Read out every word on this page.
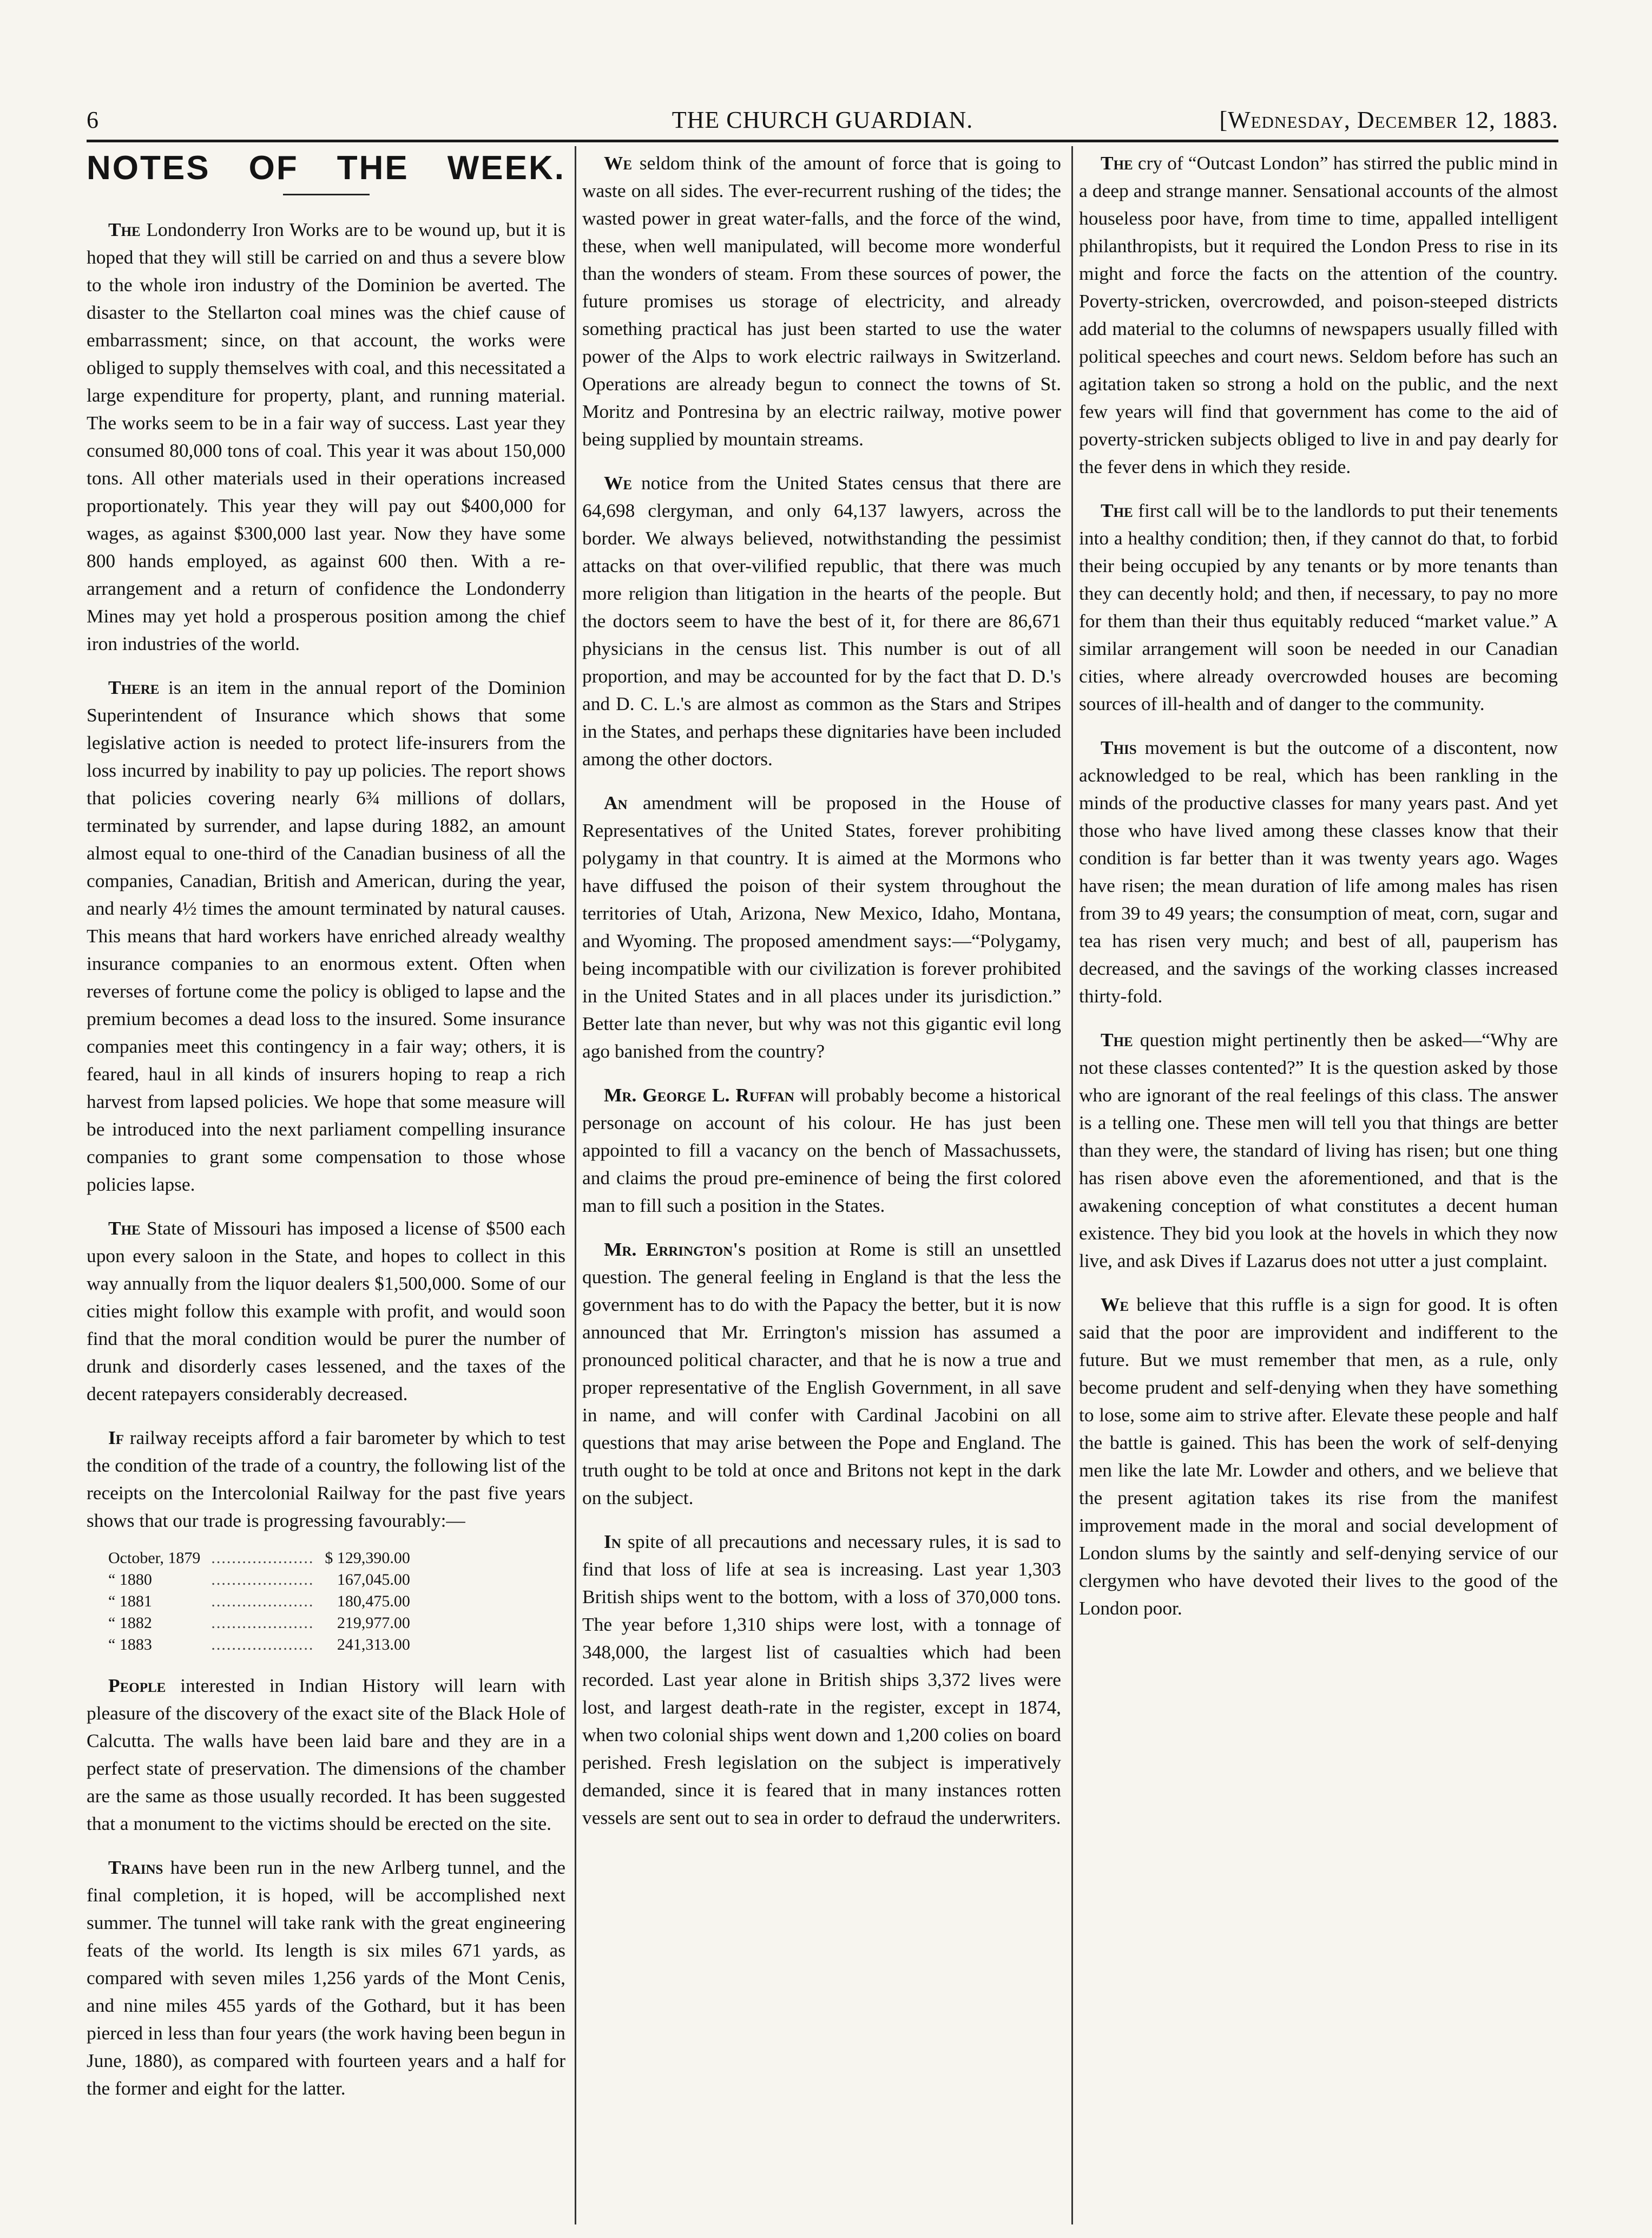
6	THE CHURCH GUARDIAN.	[Wednesday, December 12, 1883.
NOTES OF THE WEEK.

The Londonderry Iron Works are to be wound up, but it is hoped that they will still be carried on and thus a severe blow to the whole iron industry of the Dominion be averted. The disaster to the Stellarton coal mines was the chief cause of embarrassment; since, on that account, the works were obliged to supply themselves with coal, and this necessitated a large expenditure for property, plant, and running material. The works seem to be in a fair way of success. Last year they consumed 80,000 tons of coal. This year it was about 150,000 tons. All other materials used in their operations increased proportionately. This year they will pay out $400,000 for wages, as against $300,000 last year. Now they have some 800 hands employed, as against 600 then. With a re-arrangement and a return of confidence the Londonderry Mines may yet hold a prosperous position among the chief iron industries of the world.

There is an item in the annual report of the Dominion Superintendent of Insurance which shows that some legislative action is needed to protect life-insurers from the loss incurred by inability to pay up policies. The report shows that policies covering nearly 6¾ millions of dollars, terminated by surrender, and lapse during 1882, an amount almost equal to one-third of the Canadian business of all the companies, Canadian, British and American, during the year, and nearly 4½ times the amount terminated by natural causes. This means that hard workers have enriched already wealthy insurance companies to an enormous extent. Often when reverses of fortune come the policy is obliged to lapse and the premium becomes a dead loss to the insured. Some insurance companies meet this contingency in a fair way; others, it is feared, haul in all kinds of insurers hoping to reap a rich harvest from lapsed policies. We hope that some measure will be introduced into the next parliament compelling insurance companies to grant some compensation to those whose policies lapse.

The State of Missouri has imposed a license of $500 each upon every saloon in the State, and hopes to collect in this way annually from the liquor dealers $1,500,000. Some of our cities might follow this example with profit, and would soon find that the moral condition would be purer the number of drunk and disorderly cases lessened, and the taxes of the decent ratepayers considerably decreased.

If railway receipts afford a fair barometer by which to test the condition of the trade of a country, the following list of the receipts on the Intercolonial Railway for the past five years shows that our trade is progressing favourably:—

October, 1879	....................	$ 129,390.00
“ 1880	....................	167,045.00
“ 1881	....................	180,475.00
“ 1882	....................	219,977.00
“ 1883	....................	241,313.00

People interested in Indian History will learn with pleasure of the discovery of the exact site of the Black Hole of Calcutta. The walls have been laid bare and they are in a perfect state of preservation. The dimensions of the chamber are the same as those usually recorded. It has been suggested that a monument to the victims should be erected on the site.

Trains have been run in the new Arlberg tunnel, and the final completion, it is hoped, will be accomplished next summer. The tunnel will take rank with the great engineering feats of the world. Its length is six miles 671 yards, as compared with seven miles 1,256 yards of the Mont Cenis, and nine miles 455 yards of the Gothard, but it has been pierced in less than four years (the work having been begun in June, 1880), as compared with fourteen years and a half for the former and eight for the latter.

We seldom think of the amount of force that is going to waste on all sides. The ever-recurrent rushing of the tides; the wasted power in great water-falls, and the force of the wind, these, when well manipulated, will become more wonderful than the wonders of steam. From these sources of power, the future promises us storage of electricity, and already something practical has just been started to use the water power of the Alps to work electric railways in Switzerland. Operations are already begun to connect the towns of St. Moritz and Pontresina by an electric railway, motive power being supplied by mountain streams.

We notice from the United States census that there are 64,698 clergyman, and only 64,137 lawyers, across the border. We always believed, notwithstanding the pessimist attacks on that over-vilified republic, that there was much more religion than litigation in the hearts of the people. But the doctors seem to have the best of it, for there are 86,671 physicians in the census list. This number is out of all proportion, and may be accounted for by the fact that D. D.'s and D. C. L.'s are almost as common as the Stars and Stripes in the States, and perhaps these dignitaries have been included among the other doctors.

An amendment will be proposed in the House of Representatives of the United States, forever prohibiting polygamy in that country. It is aimed at the Mormons who have diffused the poison of their system throughout the territories of Utah, Arizona, New Mexico, Idaho, Montana, and Wyoming. The proposed amendment says:—“Polygamy, being incompatible with our civilization is forever prohibited in the United States and in all places under its jurisdiction.” Better late than never, but why was not this gigantic evil long ago banished from the country?

Mr. George L. Ruffan will probably become a historical personage on account of his colour. He has just been appointed to fill a vacancy on the bench of Massachussets, and claims the proud pre-eminence of being the first colored man to fill such a position in the States.

Mr. Errington's position at Rome is still an unsettled question. The general feeling in England is that the less the government has to do with the Papacy the better, but it is now announced that Mr. Errington's mission has assumed a pronounced political character, and that he is now a true and proper representative of the English Government, in all save in name, and will confer with Cardinal Jacobini on all questions that may arise between the Pope and England. The truth ought to be told at once and Britons not kept in the dark on the subject.

In spite of all precautions and necessary rules, it is sad to find that loss of life at sea is increasing. Last year 1,303 British ships went to the bottom, with a loss of 370,000 tons. The year before 1,310 ships were lost, with a tonnage of 348,000, the largest list of casualties which had been recorded. Last year alone in British ships 3,372 lives were lost, and largest death-rate in the register, except in 1874, when two colonial ships went down and 1,200 colies on board perished. Fresh legislation on the subject is imperatively demanded, since it is feared that in many instances rotten vessels are sent out to sea in order to defraud the underwriters.

The cry of “Outcast London” has stirred the public mind in a deep and strange manner. Sensational accounts of the almost houseless poor have, from time to time, appalled intelligent philanthropists, but it required the London Press to rise in its might and force the facts on the attention of the country. Poverty-stricken, overcrowded, and poison-steeped districts add material to the columns of newspapers usually filled with political speeches and court news. Seldom before has such an agitation taken so strong a hold on the public, and the next few years will find that government has come to the aid of poverty-stricken subjects obliged to live in and pay dearly for the fever dens in which they reside.

The first call will be to the landlords to put their tenements into a healthy condition; then, if they cannot do that, to forbid their being occupied by any tenants or by more tenants than they can decently hold; and then, if necessary, to pay no more for them than their thus equitably reduced “market value.” A similar arrangement will soon be needed in our Canadian cities, where already overcrowded houses are becoming sources of ill-health and of danger to the community.

This movement is but the outcome of a discontent, now acknowledged to be real, which has been rankling in the minds of the productive classes for many years past. And yet those who have lived among these classes know that their condition is far better than it was twenty years ago. Wages have risen; the mean duration of life among males has risen from 39 to 49 years; the consumption of meat, corn, sugar and tea has risen very much; and best of all, pauperism has decreased, and the savings of the working classes increased thirty-fold.

The question might pertinently then be asked—“Why are not these classes contented?” It is the question asked by those who are ignorant of the real feelings of this class. The answer is a telling one. These men will tell you that things are better than they were, the standard of living has risen; but one thing has risen above even the aforementioned, and that is the awakening conception of what constitutes a decent human existence. They bid you look at the hovels in which they now live, and ask Dives if Lazarus does not utter a just complaint.

We believe that this ruffle is a sign for good. It is often said that the poor are improvident and indifferent to the future. But we must remember that men, as a rule, only become prudent and self-denying when they have something to lose, some aim to strive after. Elevate these people and half the battle is gained. This has been the work of self-denying men like the late Mr. Lowder and others, and we believe that the present agitation takes its rise from the manifest improvement made in the moral and social development of London slums by the saintly and self-denying service of our clergymen who have devoted their lives to the good of the London poor.
